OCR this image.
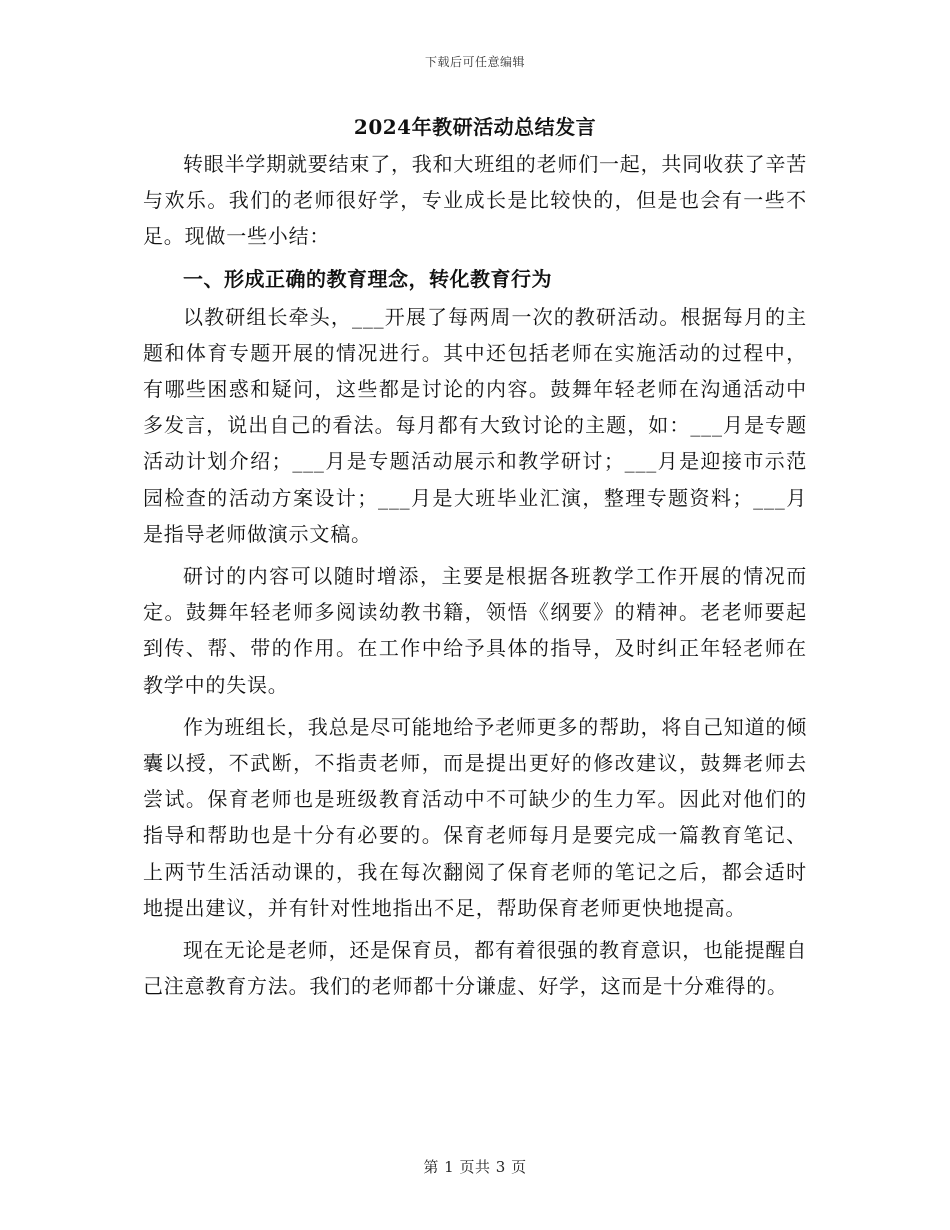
下载后可任意编辑
2024年教研活动总结发言

转眼半学期就要结束了，我和大班组的老师们一起，共同收获了辛苦与欢乐。我们的老师很好学，专业成长是比较快的，但是也会有一些不足。现做一些小结：

一、形成正确的教育理念，转化教育行为

以教研组长牵头，___开展了每两周一次的教研活动。根据每月的主题和体育专题开展的情况进行。其中还包括老师在实施活动的过程中，有哪些困惑和疑问，这些都是讨论的内容。鼓舞年轻老师在沟通活动中多发言，说出自己的看法。每月都有大致讨论的主题，如：___月是专题活动计划介绍；___月是专题活动展示和教学研讨；___月是迎接市示范园检查的活动方案设计；___月是大班毕业汇演，整理专题资料；___月是指导老师做演示文稿。

研讨的内容可以随时增添，主要是根据各班教学工作开展的情况而定。鼓舞年轻老师多阅读幼教书籍，领悟《纲要》的精神。老老师要起到传、帮、带的作用。在工作中给予具体的指导，及时纠正年轻老师在教学中的失误。

作为班组长，我总是尽可能地给予老师更多的帮助，将自己知道的倾囊以授，不武断，不指责老师，而是提出更好的修改建议，鼓舞老师去尝试。保育老师也是班级教育活动中不可缺少的生力军。因此对他们的指导和帮助也是十分有必要的。保育老师每月是要完成一篇教育笔记、上两节生活活动课的，我在每次翻阅了保育老师的笔记之后，都会适时地提出建议，并有针对性地指出不足，帮助保育老师更快地提高。

现在无论是老师，还是保育员，都有着很强的教育意识，也能提醒自己注意教育方法。我们的老师都十分谦虚、好学，这而是十分难得的。

第 1 页共 3 页
